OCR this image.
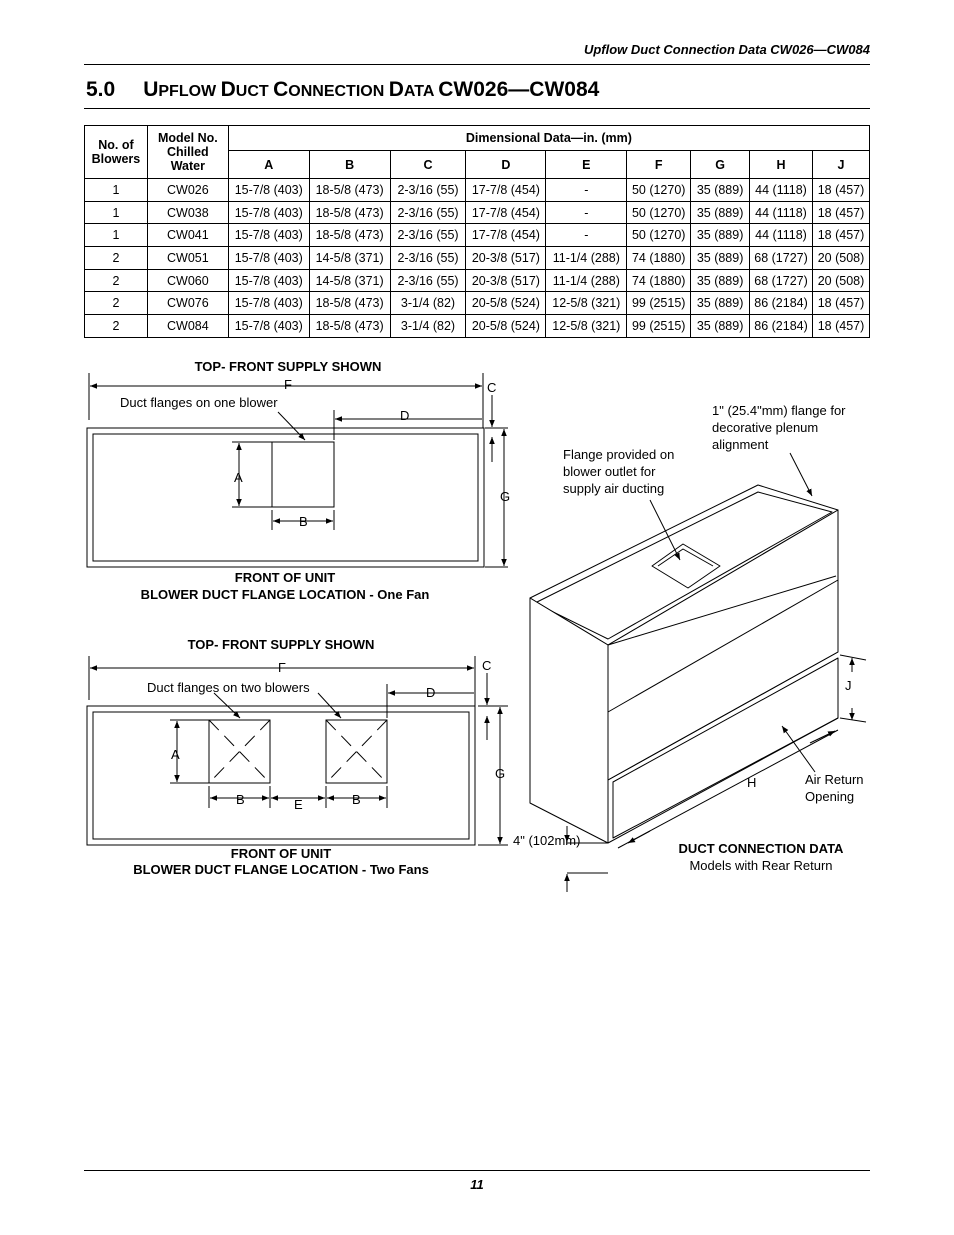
Upflow Duct Connection Data CW026—CW084
5.0 UPFLOW DUCT CONNECTION DATA CW026—CW084
No. of Blowers	Model No. Chilled Water	Dimensional Data—in. (mm)								
		A	B	C	D	E	F	G	H	J
1	CW026	15-7/8 (403)	18-5/8 (473)	2-3/16 (55)	17-7/8 (454)	-	50 (1270)	35 (889)	44 (1118)	18 (457)
1	CW038	15-7/8 (403)	18-5/8 (473)	2-3/16 (55)	17-7/8 (454)	-	50 (1270)	35 (889)	44 (1118)	18 (457)
1	CW041	15-7/8 (403)	18-5/8 (473)	2-3/16 (55)	17-7/8 (454)	-	50 (1270)	35 (889)	44 (1118)	18 (457)
2	CW051	15-7/8 (403)	14-5/8 (371)	2-3/16 (55)	20-3/8 (517)	11-1/4 (288)	74 (1880)	35 (889)	68 (1727)	20 (508)
2	CW060	15-7/8 (403)	14-5/8 (371)	2-3/16 (55)	20-3/8 (517)	11-1/4 (288)	74 (1880)	35 (889)	68 (1727)	20 (508)
2	CW076	15-7/8 (403)	18-5/8 (473)	3-1/4 (82)	20-5/8 (524)	12-5/8 (321)	99 (2515)	35 (889)	86 (2184)	18 (457)
2	CW084	15-7/8 (403)	18-5/8 (473)	3-1/4 (82)	20-5/8 (524)	12-5/8 (321)	99 (2515)	35 (889)	86 (2184)	18 (457)
TOP- FRONT SUPPLY SHOWN
F	C
Duct flanges on one blower
D
A
B
G
FRONT OF UNIT
BLOWER DUCT FLANGE LOCATION - One Fan
TOP- FRONT SUPPLY SHOWN
F	C
Duct flanges on two blowers	D
A
B	E	B
G
FRONT OF UNIT
BLOWER DUCT FLANGE LOCATION - Two Fans
1" (25.4"mm) flange for decorative plenum alignment
Flange provided on blower outlet for supply air ducting
J
H	Air Return Opening
4" (102mm)
DUCT CONNECTION DATA
Models with Rear Return
11
